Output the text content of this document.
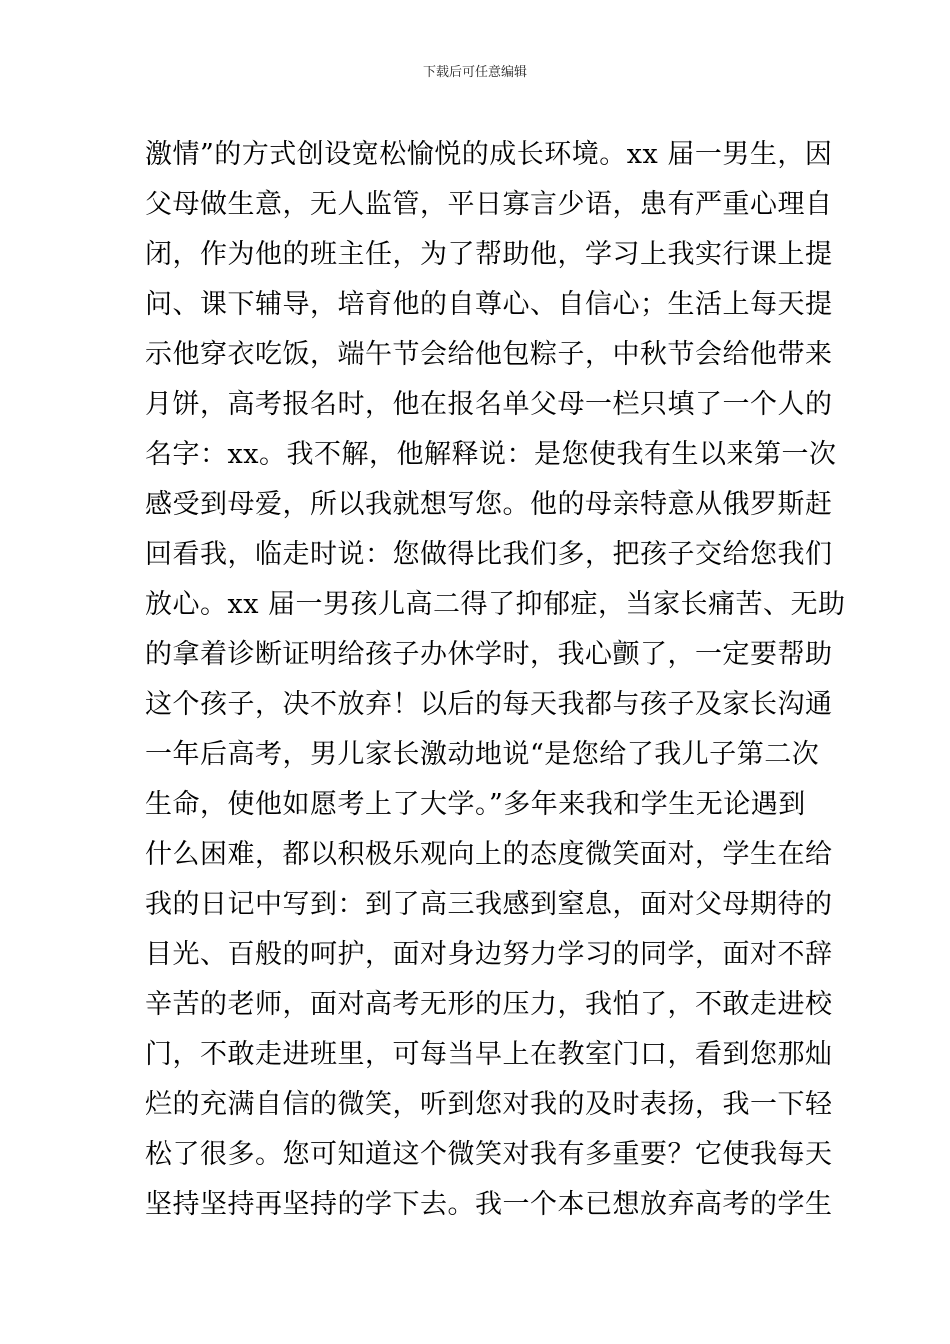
下载后可任意编辑
激情”的方式创设宽松愉悦的成长环境。xx 届一男生，因
父母做生意，无人监管，平日寡言少语，患有严重心理自
闭，作为他的班主任，为了帮助他，学习上我实行课上提
问、课下辅导，培育他的自尊心、自信心；生活上每天提
示他穿衣吃饭，端午节会给他包粽子，中秋节会给他带来
月饼，高考报名时，他在报名单父母一栏只填了一个人的
名字：xx。我不解，他解释说：是您使我有生以来第一次
感受到母爱，所以我就想写您。他的母亲特意从俄罗斯赶
回看我，临走时说：您做得比我们多，把孩子交给您我们
放心。xx 届一男孩儿高二得了抑郁症，当家长痛苦、无助
的拿着诊断证明给孩子办休学时，我心颤了，一定要帮助
这个孩子，决不放弃！以后的每天我都与孩子及家长沟通
一年后高考，男儿家长激动地说“是您给了我儿子第二次
生命，使他如愿考上了大学。”多年来我和学生无论遇到
什么困难，都以积极乐观向上的态度微笑面对，学生在给
我的日记中写到：到了高三我感到窒息，面对父母期待的
目光、百般的呵护，面对身边努力学习的同学，面对不辞
辛苦的老师，面对高考无形的压力，我怕了，不敢走进校
门，不敢走进班里，可每当早上在教室门口，看到您那灿
烂的充满自信的微笑，听到您对我的及时表扬，我一下轻
松了很多。您可知道这个微笑对我有多重要？它使我每天
坚持坚持再坚持的学下去。我一个本已想放弃高考的学生
